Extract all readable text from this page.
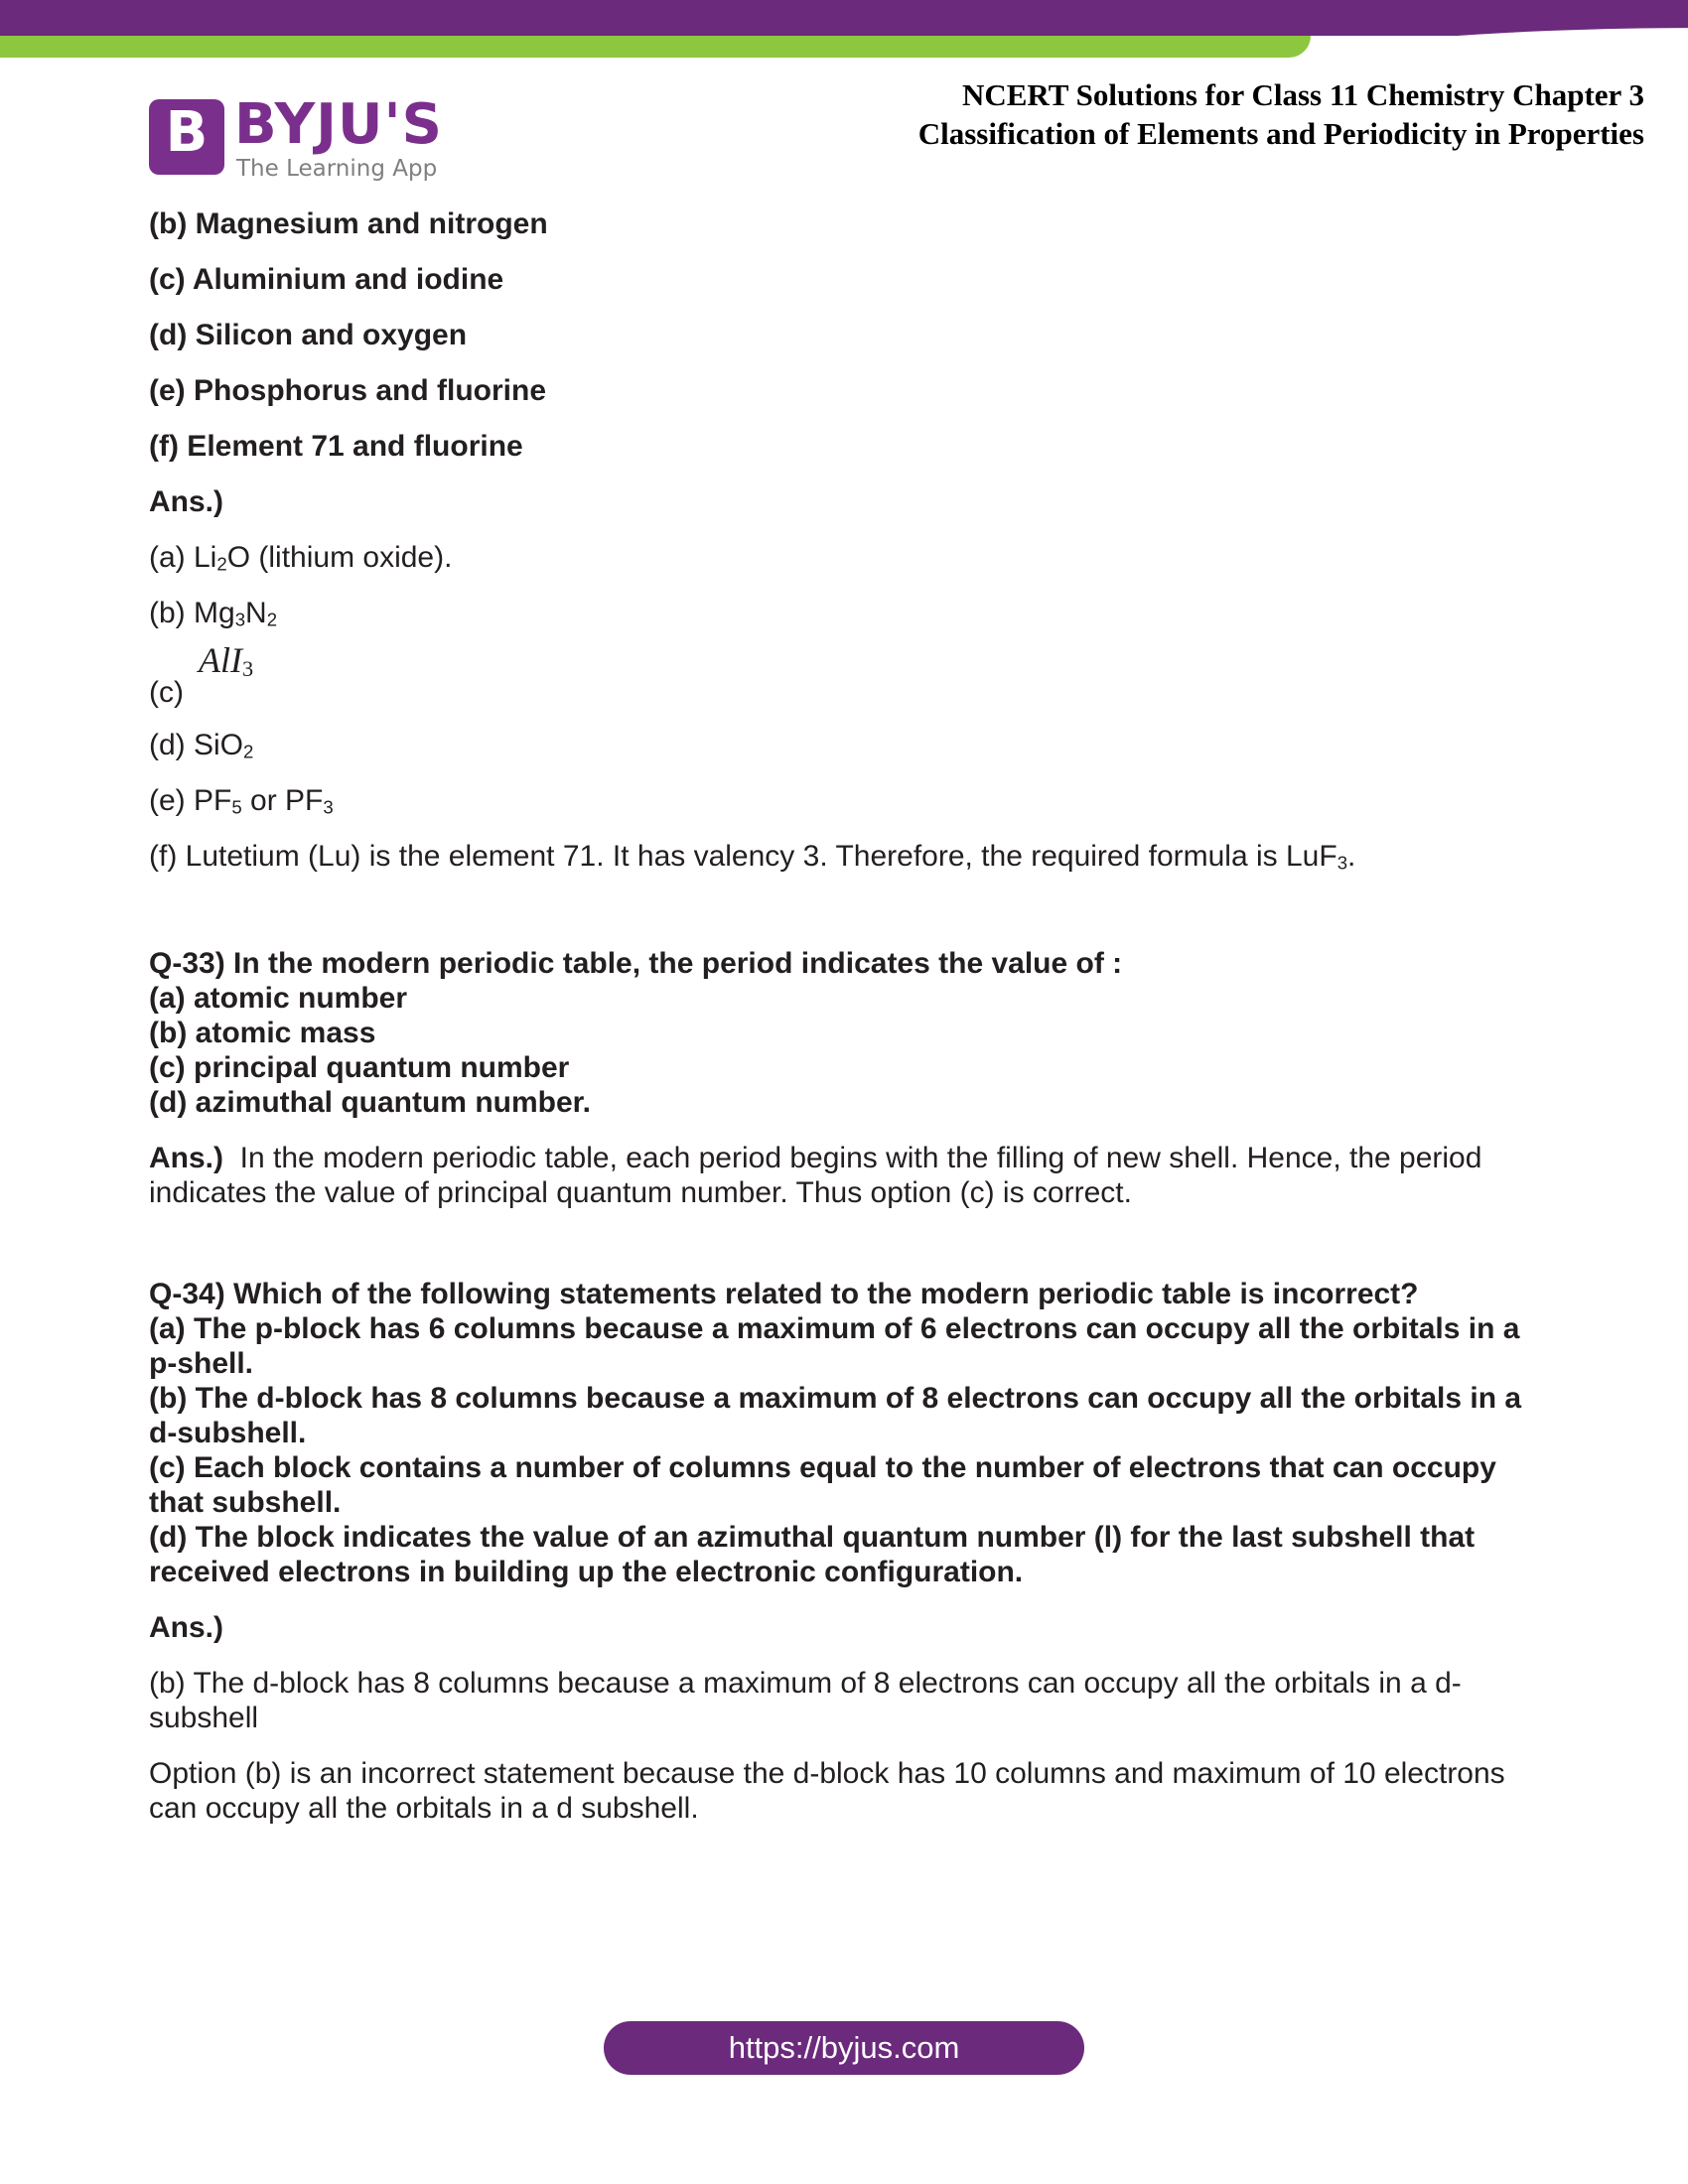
B BYJU'S
The Learning App
NCERT Solutions for Class 11 Chemistry Chapter 3
Classification of Elements and Periodicity in Properties

(b) Magnesium and nitrogen

(c) Aluminium and iodine

(d) Silicon and oxygen

(e) Phosphorus and fluorine

(f) Element 71 and fluorine

Ans.)

(a) $Li_2O$ (lithium oxide).

(b) $Mg_3N_2$

(c)
AlI$_3$

(d) SiO$_2$

(e) $PF_5$ or $PF_3$

(f) Lutetium (Lu) is the element 71. It has valency 3. Therefore, the required formula is LuF$_3$.

Q-33) In the modern periodic table, the period indicates the value of :

(a) atomic number

(b) atomic mass

(c) principal quantum number

(d) azimuthal quantum number.

Ans.) In the modern periodic table, each period begins with the filling of new shell. Hence, the period indicates the value of principal quantum number. Thus option (c) is correct.

Q-34) Which of the following statements related to the modern periodic table is incorrect?

(a) The p-block has 6 columns because a maximum of 6 electrons can occupy all the orbitals in a p-shell.

(b) The d-block has 8 columns because a maximum of 8 electrons can occupy all the orbitals in a d-subshell.

(c) Each block contains a number of columns equal to the number of electrons that can occupy that subshell.

(d) The block indicates the value of an azimuthal quantum number (l) for the last subshell that received electrons in building up the electronic configuration.

Ans.)

(b) The d-block has 8 columns because a maximum of 8 electrons can occupy all the orbitals in a d-subshell

Option (b) is an incorrect statement because the d-block has 10 columns and maximum of 10 electrons can occupy all the orbitals in a d subshell.

https://byjus.com
